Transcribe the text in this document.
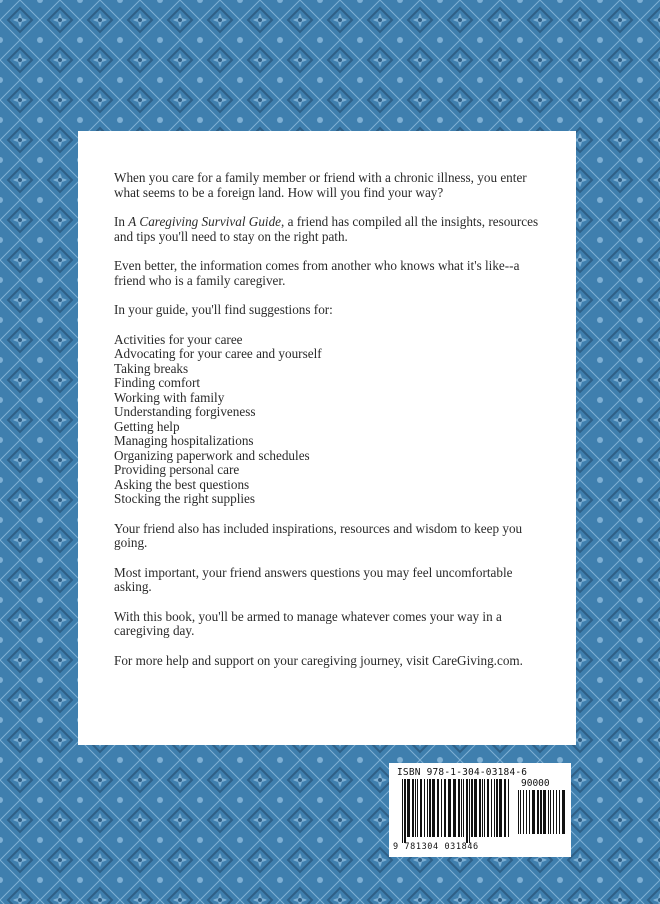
When you care for a family member or friend with a chronic illness, you enter what seems to be a foreign land. How will you find your way?

In A Caregiving Survival Guide, a friend has compiled all the insights, resources and tips you'll need to stay on the right path.

Even better, the information comes from another who knows what it's like--a friend who is a family caregiver.

In your guide, you'll find suggestions for:

Activities for your caree
Advocating for your caree and yourself
Taking breaks
Finding comfort
Working with family
Understanding forgiveness
Getting help
Managing hospitalizations
Organizing paperwork and schedules
Providing personal care
Asking the best questions
Stocking the right supplies

Your friend also has included inspirations, resources and wisdom to keep you going.

Most important, your friend answers questions you may feel uncomfortable asking.

With this book, you'll be armed to manage whatever comes your way in a caregiving day.

For more help and support on your caregiving journey, visit CareGiving.com.

ISBN 978-1-304-03184-6
90000
9 781304 031846
